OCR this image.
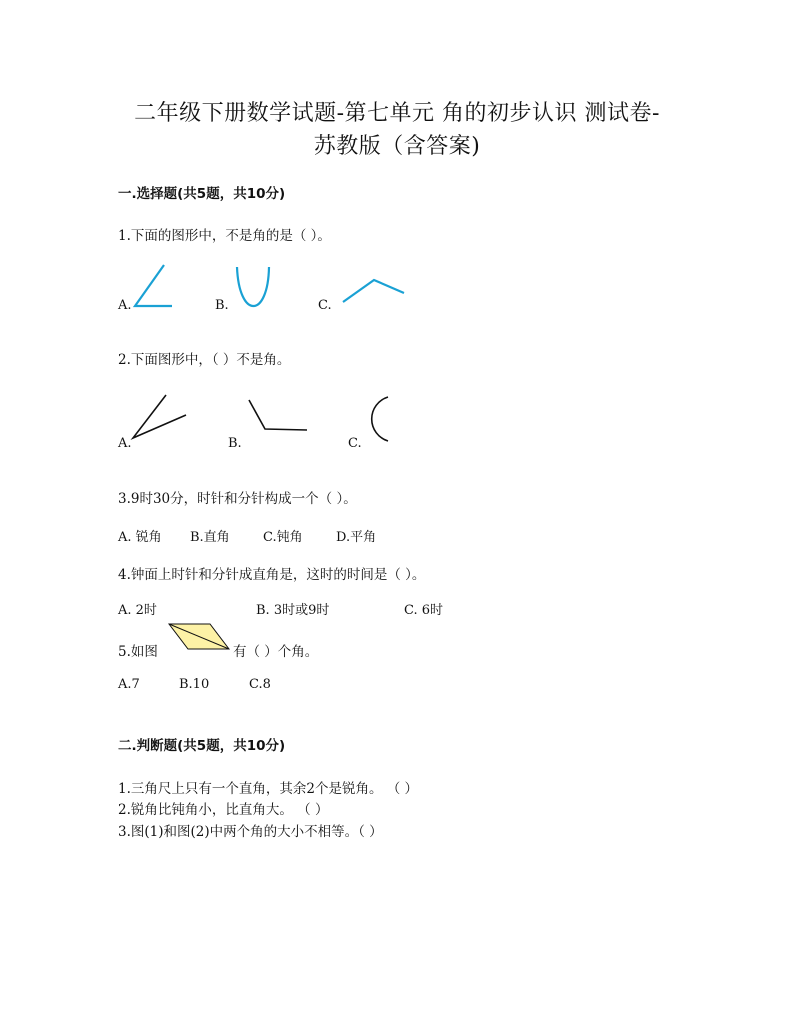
二年级下册数学试题-第七单元 角的初步认识 测试卷-
苏教版（含答案)
一.选择题(共5题，共10分)
1.下面的图形中，不是角的是（ ）。
A.	B.	C.
2.下面图形中，（ ）不是角。
A.	B.	C.
3.9时30分，时针和分针构成一个（ ）。
A. 锐角 B.直角	C.钝角	D.平角
4.钟面上时针和分针成直角是，这时的时间是（ ）。
A. 2时	B. 3时或9时	C. 6时
5.如图	有（ ）个角。
A.7	B.10	C.8
二.判断题(共5题，共10分)
1.三角尺上只有一个直角，其余2个是锐角。 （ ）
2.锐角比钝角小，比直角大。 （ ）
3.图(1)和图(2)中两个角的大小不相等。（ ）
